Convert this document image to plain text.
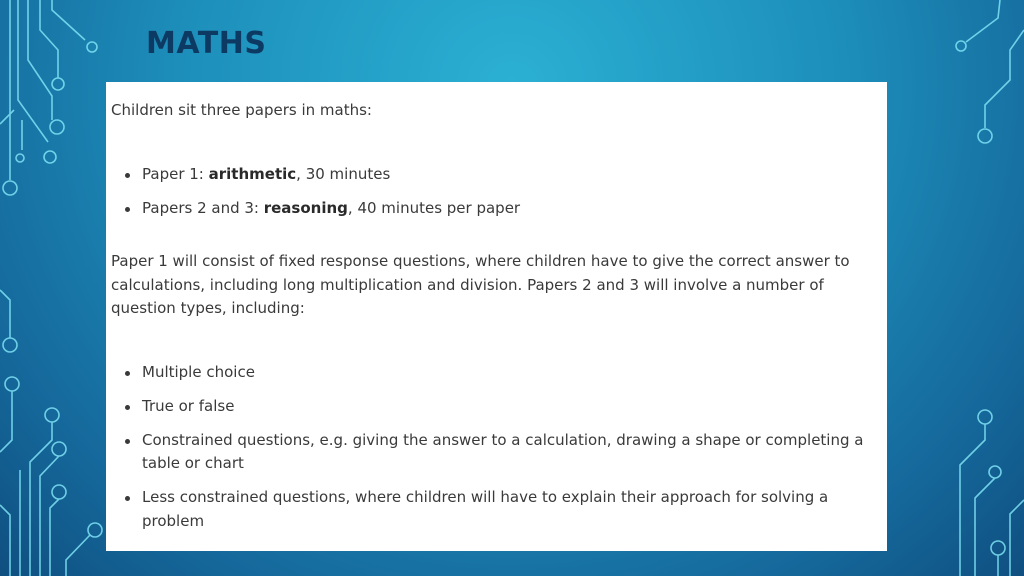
MATHS

Children sit three papers in maths:

Paper 1: arithmetic, 30 minutes
Papers 2 and 3: reasoning, 40 minutes per paper

Paper 1 will consist of fixed response questions, where children have to give the correct answer to calculations, including long multiplication and division. Papers 2 and 3 will involve a number of question types, including:

Multiple choice
True or false
Constrained questions, e.g. giving the answer to a calculation, drawing a shape or completing a table or chart
Less constrained questions, where children will have to explain their approach for solving a problem
